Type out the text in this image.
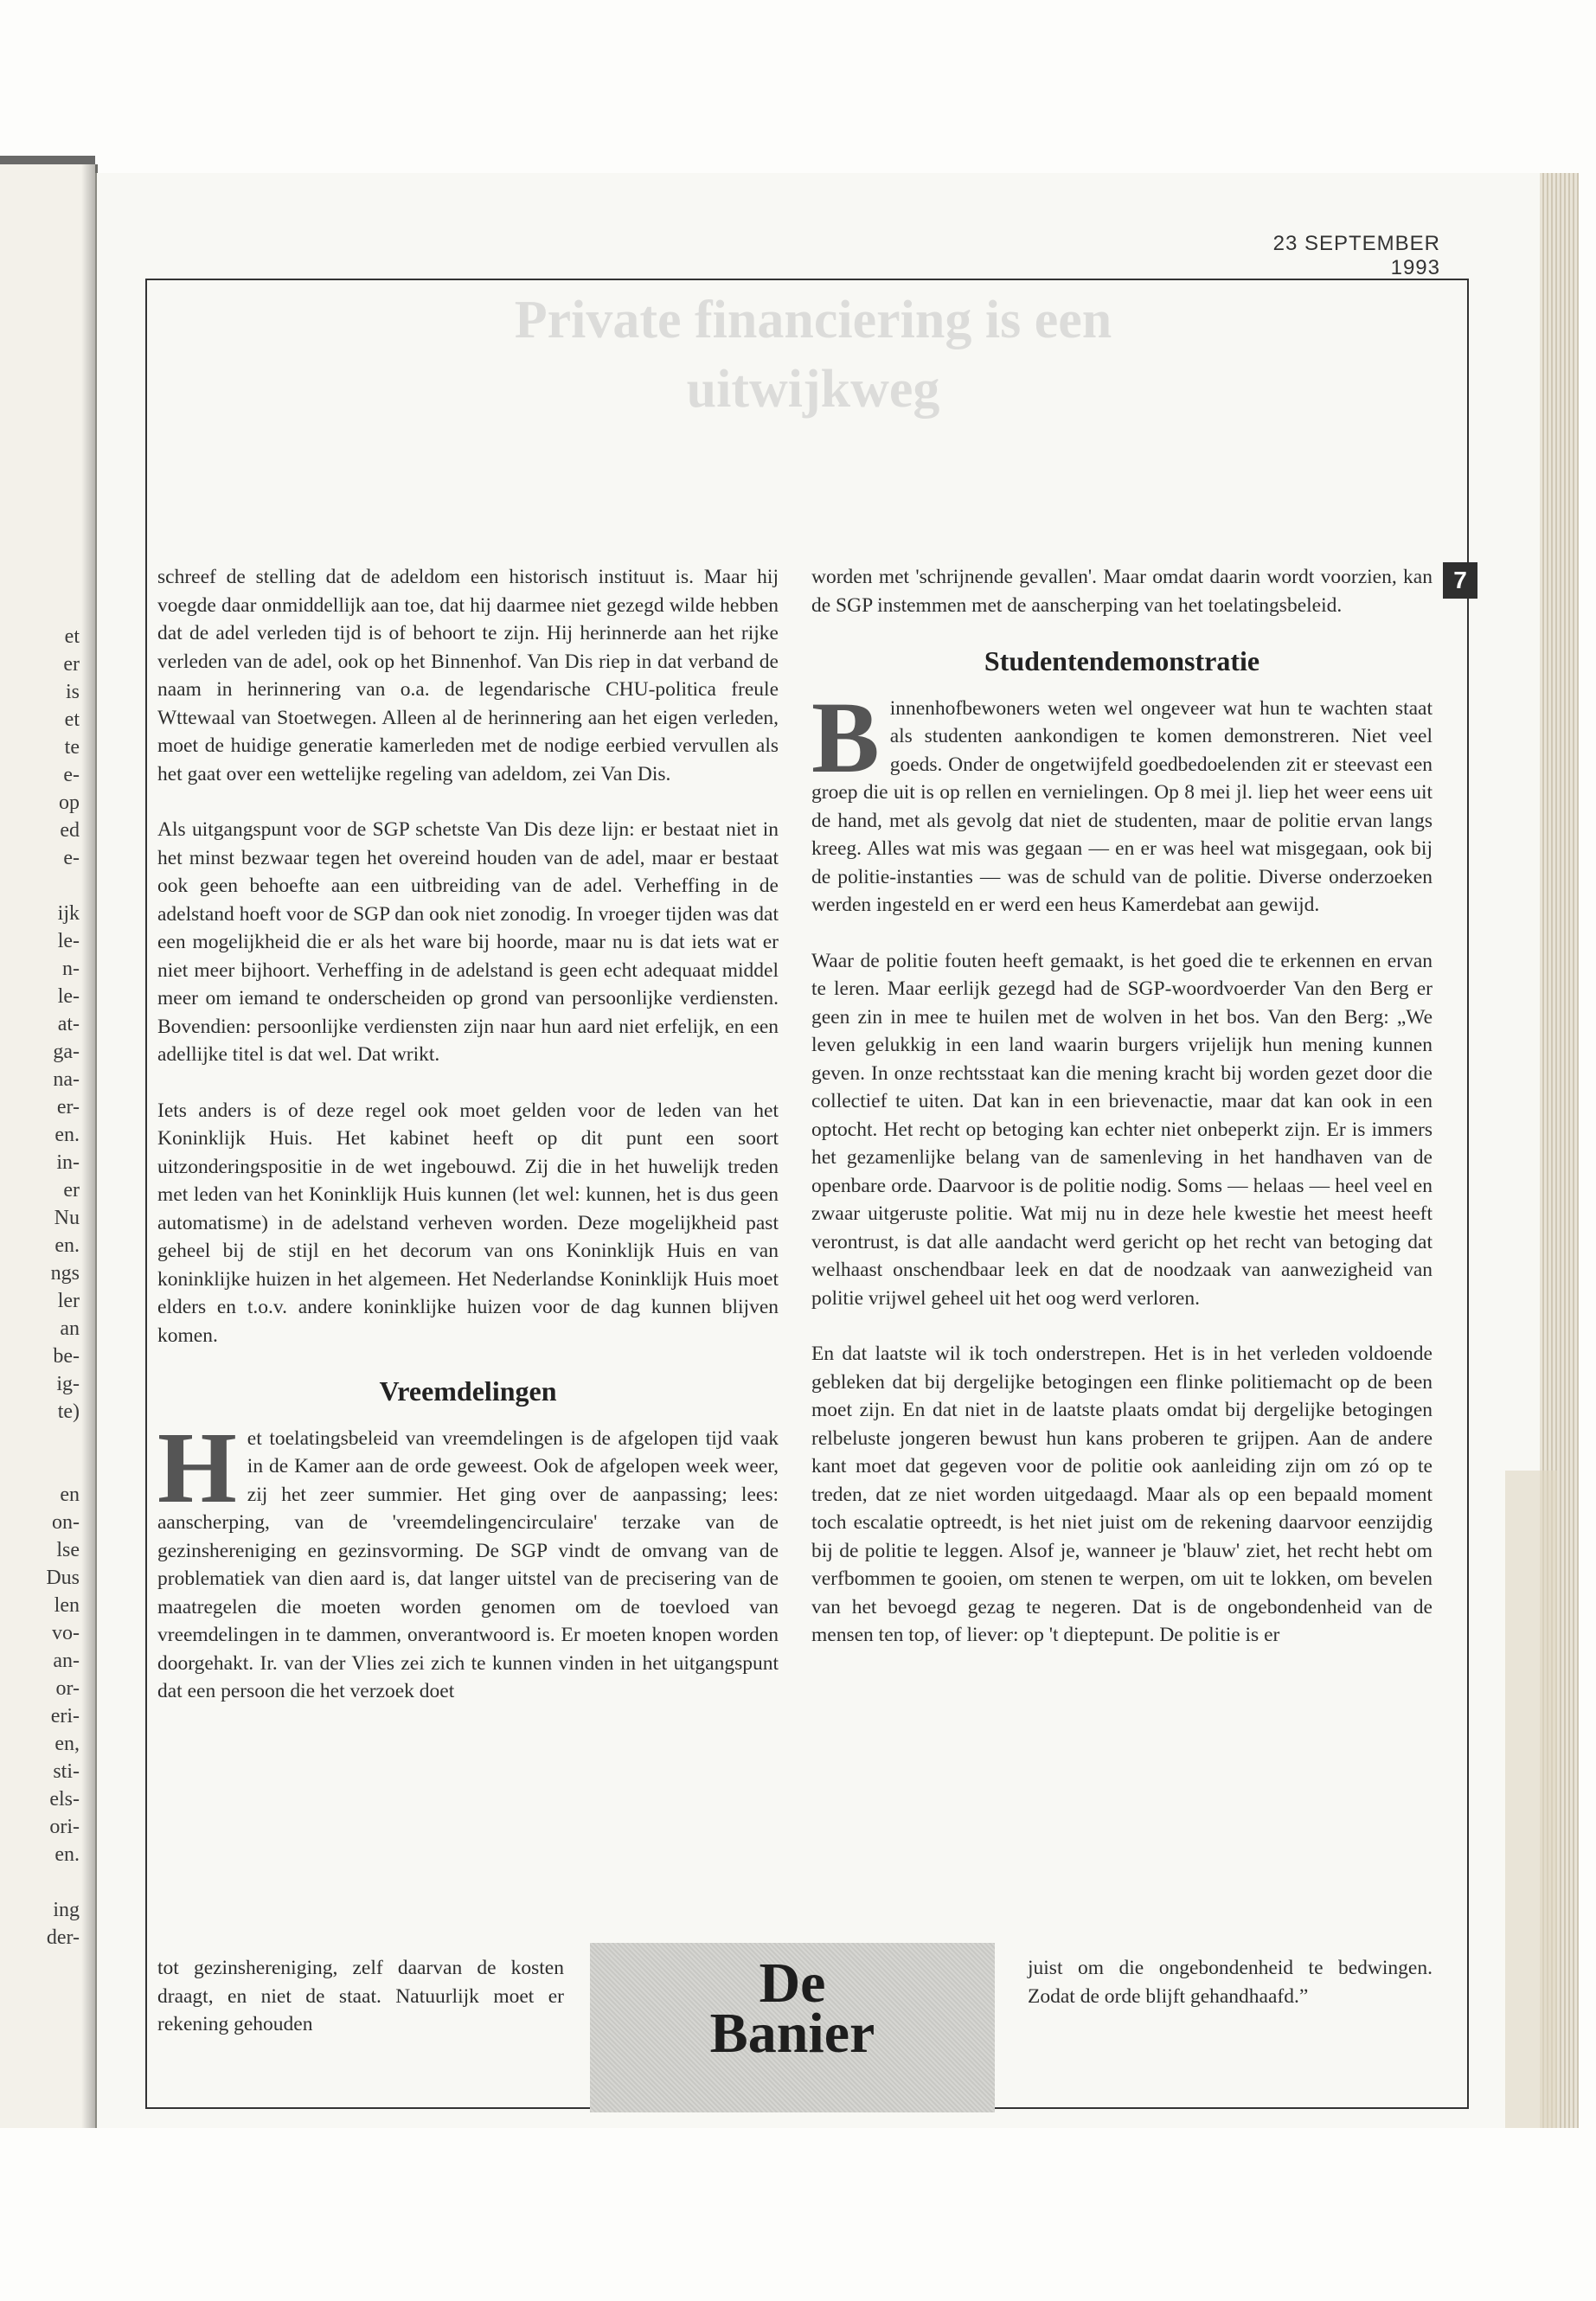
et
er
is
et
te
e-
op
ed
e-
ijk
le-
n-
le-
at-
ga-
na-
er-
en.
in-
er
Nu
en.
ngs
ler
an
be-
ig-
te)
en
on-
lse
Dus
len
vo-
an-
or-
eri-
en,
sti-
els-
ori-
en.
ing
der-
23 SEPTEMBER 1993
Private financiering is een uitwijkweg
7

schreef de stelling dat de adeldom een historisch instituut is. Maar hij voegde daar onmiddellijk aan toe, dat hij daarmee niet gezegd wilde hebben dat de adel verleden tijd is of behoort te zijn. Hij herinnerde aan het rijke verleden van de adel, ook op het Binnenhof. Van Dis riep in dat verband de naam in herinnering van o.a. de legendarische CHU-politica freule Wttewaal van Stoetwegen. Alleen al de herinnering aan het eigen verleden, moet de huidige generatie kamerleden met de nodige eerbied vervullen als het gaat over een wettelijke regeling van adeldom, zei Van Dis.

Als uitgangspunt voor de SGP schetste Van Dis deze lijn: er bestaat niet in het minst bezwaar tegen het overeind houden van de adel, maar er bestaat ook geen behoefte aan een uitbreiding van de adel. Verheffing in de adelstand hoeft voor de SGP dan ook niet zonodig. In vroeger tijden was dat een mogelijkheid die er als het ware bij hoorde, maar nu is dat iets wat er niet meer bijhoort. Verheffing in de adelstand is geen echt adequaat middel meer om iemand te onderscheiden op grond van persoonlijke verdiensten. Bovendien: persoonlijke verdiensten zijn naar hun aard niet erfelijk, en een adellijke titel is dat wel. Dat wrikt.

Iets anders is of deze regel ook moet gelden voor de leden van het Koninklijk Huis. Het kabinet heeft op dit punt een soort uitzonderingspositie in de wet ingebouwd. Zij die in het huwelijk treden met leden van het Koninklijk Huis kunnen (let wel: kunnen, het is dus geen automatisme) in de adelstand verheven worden. Deze mogelijkheid past geheel bij de stijl en het decorum van ons Koninklijk Huis en van koninklijke huizen in het algemeen. Het Nederlandse Koninklijk Huis moet elders en t.o.v. andere koninklijke huizen voor de dag kunnen blijven komen.

Vreemdelingen

Het toelatingsbeleid van vreemdelingen is de afgelopen tijd vaak in de Kamer aan de orde geweest. Ook de afgelopen week weer, zij het zeer summier. Het ging over de aanpassing; lees: aanscherping, van de 'vreemdelingencirculaire' terzake van de gezinshereniging en gezinsvorming. De SGP vindt de omvang van de problematiek van dien aard is, dat langer uitstel van de precisering van de maatregelen die moeten worden genomen om de toevloed van vreemdelingen in te dammen, onverantwoord is. Er moeten knopen worden doorgehakt. Ir. van der Vlies zei zich te kunnen vinden in het uitgangspunt dat een persoon die het verzoek doet

worden met 'schrijnende gevallen'. Maar omdat daarin wordt voorzien, kan de SGP instemmen met de aanscherping van het toelatingsbeleid.

Studentendemonstratie

Binnenhofbewoners weten wel ongeveer wat hun te wachten staat als studenten aankondigen te komen demonstreren. Niet veel goeds. Onder de ongetwijfeld goedbedoelenden zit er steevast een groep die uit is op rellen en vernielingen. Op 8 mei jl. liep het weer eens uit de hand, met als gevolg dat niet de studenten, maar de politie ervan langs kreeg. Alles wat mis was gegaan — en er was heel wat misgegaan, ook bij de politie-instanties — was de schuld van de politie. Diverse onderzoeken werden ingesteld en er werd een heus Kamerdebat aan gewijd.

Waar de politie fouten heeft gemaakt, is het goed die te erkennen en ervan te leren. Maar eerlijk gezegd had de SGP-woordvoerder Van den Berg er geen zin in mee te huilen met de wolven in het bos. Van den Berg: „We leven gelukkig in een land waarin burgers vrijelijk hun mening kunnen geven. In onze rechtsstaat kan die mening kracht bij worden gezet door die collectief te uiten. Dat kan in een brievenactie, maar dat kan ook in een optocht. Het recht op betoging kan echter niet onbeperkt zijn. Er is immers het gezamenlijke belang van de samenleving in het handhaven van de openbare orde. Daarvoor is de politie nodig. Soms — helaas — heel veel en zwaar uitgeruste politie. Wat mij nu in deze hele kwestie het meest heeft verontrust, is dat alle aandacht werd gericht op het recht van betoging dat welhaast onschendbaar leek en dat de noodzaak van aanwezigheid van politie vrijwel geheel uit het oog werd verloren.

En dat laatste wil ik toch onderstrepen. Het is in het verleden voldoende gebleken dat bij dergelijke betogingen een flinke politiemacht op de been moet zijn. En dat niet in de laatste plaats omdat bij dergelijke betogingen relbeluste jongeren bewust hun kans proberen te grijpen. Aan de andere kant moet dat gegeven voor de politie ook aanleiding zijn om zó op te treden, dat ze niet worden uitgedaagd. Maar als op een bepaald moment toch escalatie optreedt, is het niet juist om de rekening daarvoor eenzijdig bij de politie te leggen. Alsof je, wanneer je 'blauw' ziet, het recht hebt om verfbommen te gooien, om stenen te werpen, om uit te lokken, om bevelen van het bevoegd gezag te negeren. Dat is de ongebondenheid van de mensen ten top, of liever: op 't dieptepunt. De politie is er

tot gezinshereniging, zelf daarvan de kosten draagt, en niet de staat. Natuurlijk moet er rekening gehouden
juist om die ongebondenheid te bedwingen. Zodat de orde blijft gehandhaafd.”
De
Banier
